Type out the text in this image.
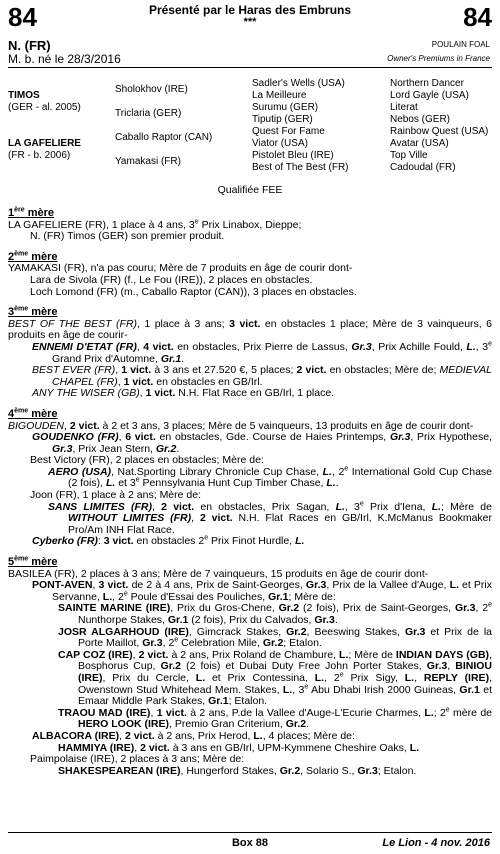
84	84
Présenté par le Haras des Embruns
***
N. (FR)
M. b. né le 28/3/2016
POULAIN FOAL
Owner's Premiums in France
TIMOS
(GER - al. 2005)
LA GAFELIERE
(FR - b. 2006)
Sholokhov (IRE)
Triclaria (GER)
Caballo Raptor (CAN)
Yamakasi (FR)
Sadler's Wells (USA)
La Meilleure
Surumu (GER)
Tiputip (GER)
Quest For Fame
Viator (USA)
Pistolet Bleu (IRE)
Best of The Best (FR)
Northern Dancer
Lord Gayle (USA)
Literat
Nebos (GER)
Rainbow Quest (USA)
Avatar (USA)
Top Ville
Cadoudal (FR)
Qualifiée FEE
1ère mère

LA GAFELIERE (FR), 1 place à 4 ans, 3e Prix Linabox, Dieppe;

N. (FR) Timos (GER) son premier produit.

2ème mère

YAMAKASI (FR), n'a pas couru; Mère de 7 produits en âge de courir dont-

Lara de Sivola (FR) (f., Le Fou (IRE)), 2 places en obstacles.

Loch Lomond (FR) (m., Caballo Raptor (CAN)), 3 places en obstacles.

3ème mère

BEST OF THE BEST (FR), 1 place à 3 ans; 3 vict. en obstacles 1 place; Mère de 3 vainqueurs, 6 produits en âge de courir-

ENNEMI D'ETAT (FR), 4 vict. en obstacles, Prix Pierre de Lassus, Gr.3, Prix Achille Fould, L., 3e Grand Prix d'Automne, Gr.1.

BEST EVER (FR), 1 vict. à 3 ans et 27.520 €, 5 places; 2 vict. en obstacles; Mère de; MEDIEVAL CHAPEL (FR), 1 vict. en obstacles en GB/Irl.

ANY THE WISER (GB), 1 vict. N.H. Flat Race en GB/Irl, 1 place.

4ème mère

BIGOUDEN, 2 vict. à 2 et 3 ans, 3 places; Mère de 5 vainqueurs, 13 produits en âge de courir dont-

GOUDENKO (FR), 6 vict. en obstacles, Gde. Course de Haies Printemps, Gr.3, Prix Hypothese, Gr.3, Prix Jean Stern, Gr.2.

Best Victory (FR), 2 places en obstacles; Mère de:

AERO (USA), Nat.Sporting Library Chronicle Cup Chase, L., 2e International Gold Cup Chase (2 fois), L. et 3e Pennsylvania Hunt Cup Timber Chase, L..

Joon (FR), 1 place à 2 ans; Mère de:

SANS LIMITES (FR), 2 vict. en obstacles, Prix Sagan, L., 3e Prix d'Iena, L.; Mère de WITHOUT LIMITES (FR), 2 vict. N.H. Flat Races en GB/Irl, K.McManus Bookmaker Pro/Am INH Flat Race.

Cyberko (FR): 3 vict. en obstacles 2e Prix Finot Hurdle, L.

5ème mère

BASILEA (FR), 2 places à 3 ans; Mère de 7 vainqueurs, 15 produits en âge de courir dont-

PONT-AVEN, 3 vict. de 2 à 4 ans, Prix de Saint-Georges, Gr.3, Prix de la Vallee d'Auge, L. et Prix Servanne, L., 2e Poule d'Essai des Pouliches, Gr.1; Mère de:

SAINTE MARINE (IRE), Prix du Gros-Chene, Gr.2 (2 fois), Prix de Saint-Georges, Gr.3, 2e Nunthorpe Stakes, Gr.1 (2 fois), Prix du Calvados, Gr.3.

JOSR ALGARHOUD (IRE), Gimcrack Stakes, Gr.2, Beeswing Stakes, Gr.3 et Prix de la Porte Maillot, Gr.3, 2e Celebration Mile, Gr.2; Etalon.

CAP COZ (IRE), 2 vict. à 2 ans, Prix Roland de Chambure, L.; Mère de INDIAN DAYS (GB), Bosphorus Cup, Gr.2 (2 fois) et Dubai Duty Free John Porter Stakes, Gr.3, BINIOU (IRE), Prix du Cercle, L. et Prix Contessina, L., 2e Prix Sigy, L., REPLY (IRE), Owenstown Stud Whitehead Mem. Stakes, L., 3e Abu Dhabi Irish 2000 Guineas, Gr.1 et Emaar Middle Park Stakes, Gr.1; Etalon.

TRAOU MAD (IRE), 1 vict. à 2 ans, P.de la Vallee d'Auge-L'Ecurie Charmes, L.; 2e mère de HERO LOOK (IRE), Premio Gran Criterium, Gr.2.

ALBACORA (IRE), 2 vict. à 2 ans, Prix Herod, L., 4 places; Mère de:

HAMMIYA (IRE), 2 vict. à 3 ans en GB/Irl, UPM-Kymmene Cheshire Oaks, L.

Paimpolaise (IRE), 2 places à 3 ans; Mère de:

SHAKESPEAREAN (IRE), Hungerford Stakes, Gr.2, Solario S., Gr.3; Etalon.

Box 88	Le Lion - 4 nov. 2016
